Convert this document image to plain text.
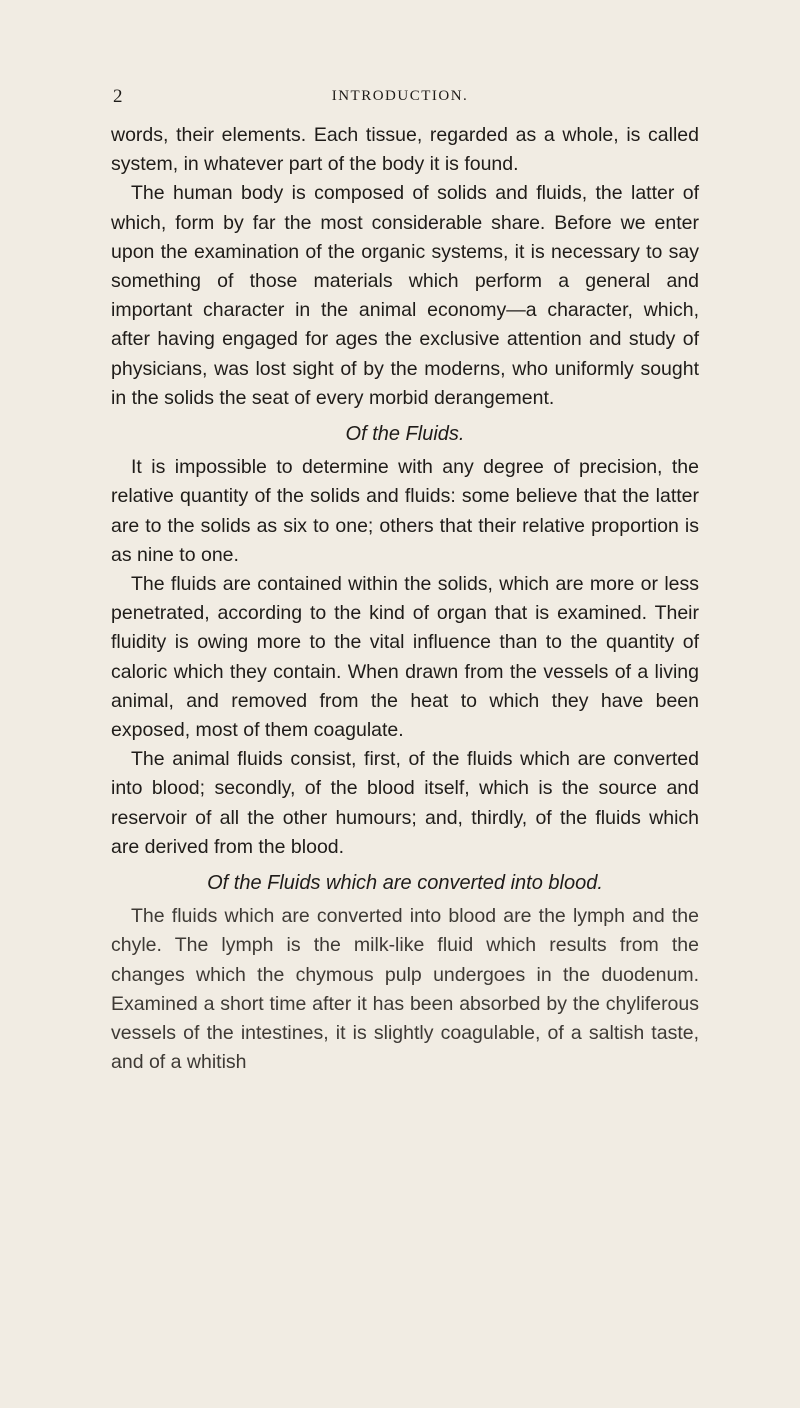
2	INTRODUCTION.

words, their elements. Each tissue, regarded as a whole, is called system, in whatever part of the body it is found.

The human body is composed of solids and fluids, the latter of which, form by far the most considerable share. Before we enter upon the examination of the organic systems, it is necessary to say something of those materials which perform a general and important character in the animal economy—a character, which, after having engaged for ages the exclusive attention and study of physicians, was lost sight of by the moderns, who uniformly sought in the solids the seat of every morbid derangement.

Of the Fluids.

It is impossible to determine with any degree of precision, the relative quantity of the solids and fluids: some believe that the latter are to the solids as six to one; others that their relative proportion is as nine to one.

The fluids are contained within the solids, which are more or less penetrated, according to the kind of organ that is examined. Their fluidity is owing more to the vital influence than to the quantity of caloric which they contain. When drawn from the vessels of a living animal, and removed from the heat to which they have been exposed, most of them coagulate.

The animal fluids consist, first, of the fluids which are converted into blood; secondly, of the blood itself, which is the source and reservoir of all the other humours; and, thirdly, of the fluids which are derived from the blood.

Of the Fluids which are converted into blood.

The fluids which are converted into blood are the lymph and the chyle. The lymph is the milk-like fluid which results from the changes which the chymous pulp undergoes in the duodenum. Examined a short time after it has been absorbed by the chyliferous vessels of the intestines, it is slightly coagulable, of a saltish taste, and of a whitish
